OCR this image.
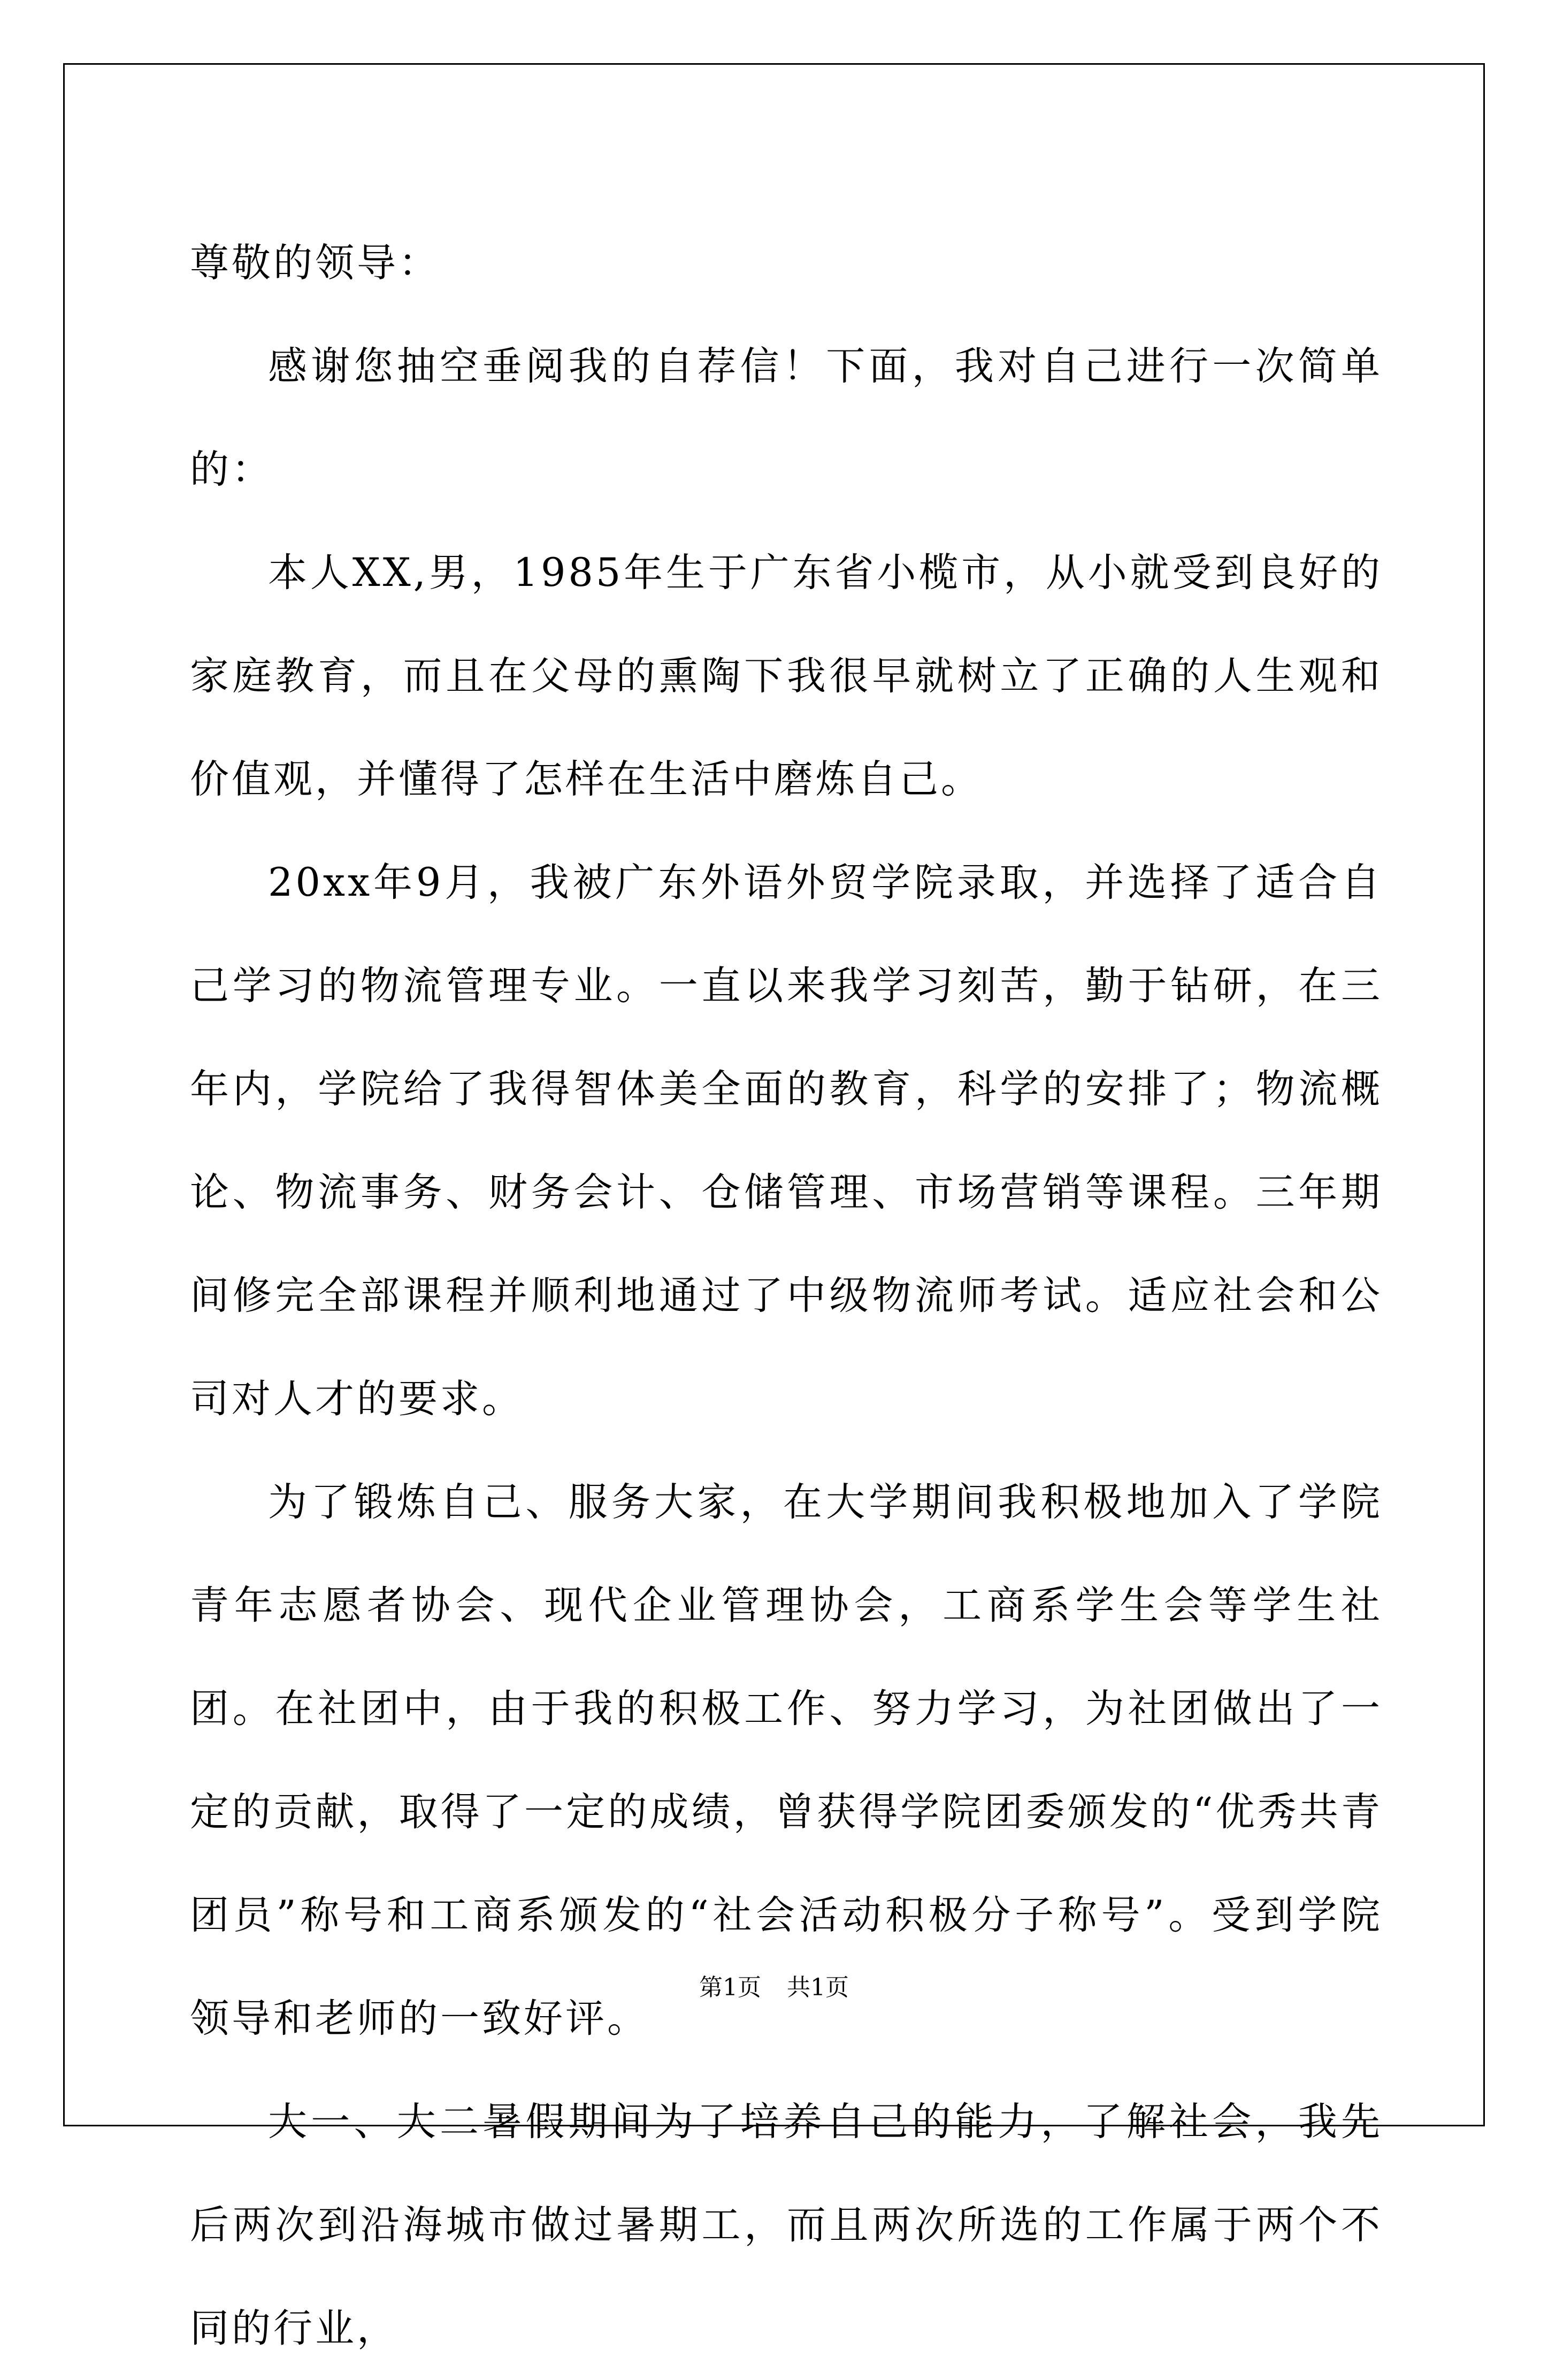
尊敬的领导：

感谢您抽空垂阅我的自荐信！下面，我对自己进行一次简单的：

本人XX,男，1985年生于广东省小榄市，从小就受到良好的家庭教育，而且在父母的熏陶下我很早就树立了正确的人生观和价值观，并懂得了怎样在生活中磨炼自己。

20xx年9月，我被广东外语外贸学院录取，并选择了适合自己学习的物流管理专业。一直以来我学习刻苦，勤于钻研，在三年内，学院给了我得智体美全面的教育，科学的安排了；物流概论、物流事务、财务会计、仓储管理、市场营销等课程。三年期间修完全部课程并顺利地通过了中级物流师考试。适应社会和公司对人才的要求。

为了锻炼自己、服务大家，在大学期间我积极地加入了学院青年志愿者协会、现代企业管理协会，工商系学生会等学生社团。在社团中，由于我的积极工作、努力学习，为社团做出了一定的贡献，取得了一定的成绩，曾获得学院团委颁发的“优秀共青团员”称号和工商系颁发的“社会活动积极分子称号”。受到学院领导和老师的一致好评。

大一、大二暑假期间为了培养自己的能力，了解社会，我先后两次到沿海城市做过暑期工，而且两次所选的工作属于两个不同的行业，

第1页 共1页
